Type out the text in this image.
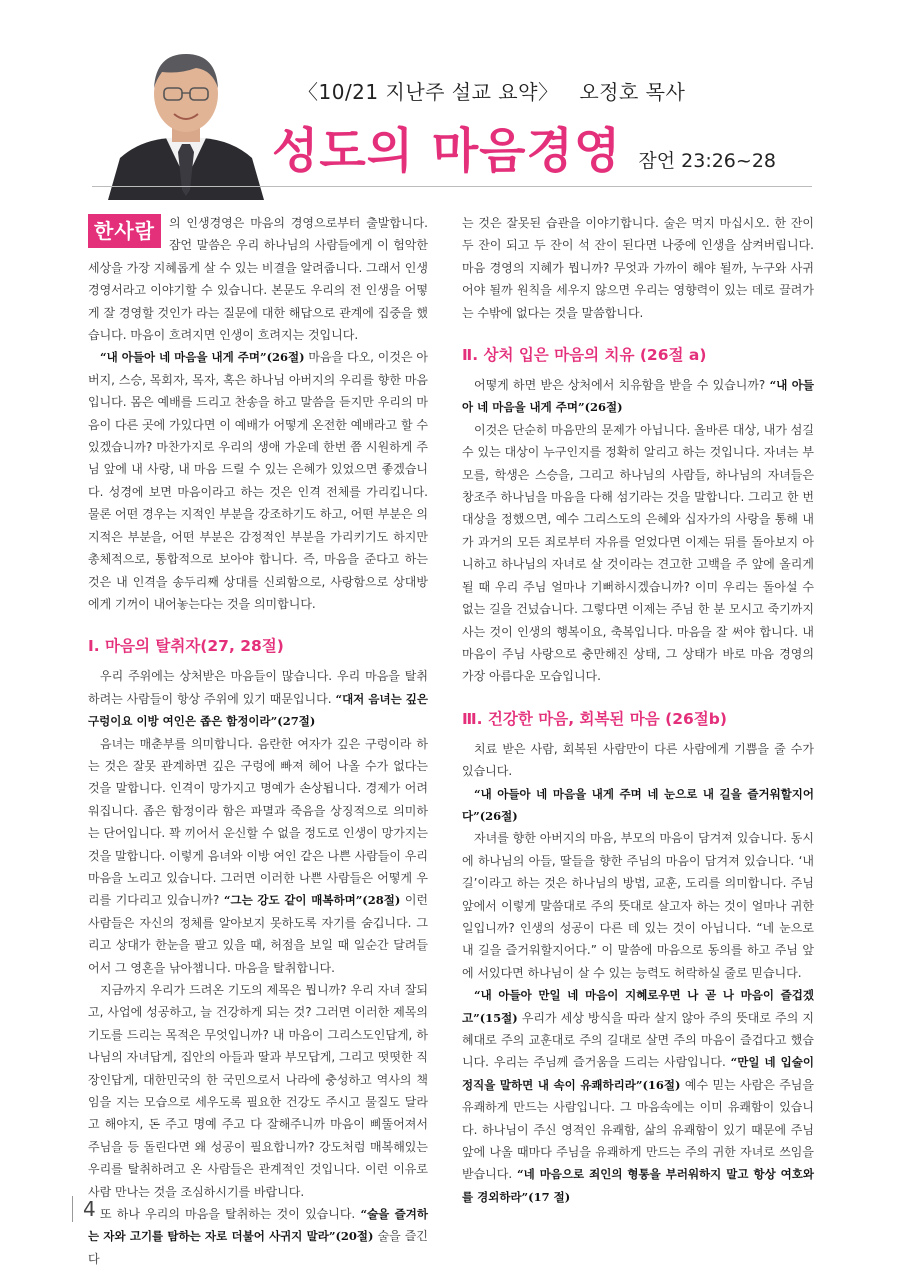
〈10/21 지난주 설교 요약〉 오정호 목사
성도의 마음경영 잠언 23:26~28

한사람	의 인생경영은 마음의 경영으로부터 출발합니다. 잠언 말씀은 우리 하나님의 사람들에게 이 험악한 세상을 가장 지혜롭게 살 수 있는 비결을 알려줍니다. 그래서 인생 경영서라고 이야기할 수 있습니다. 본문도 우리의 전 인생을 어떻게 잘 경영할 것인가 라는 질문에 대한 해답으로 관계에 집중을 했습니다. 마음이 흐려지면 인생이 흐려지는 것입니다.

“내 아들아 네 마음을 내게 주며”(26절) 마음을 다오, 이것은 아버지, 스승, 목회자, 목자, 혹은 하나님 아버지의 우리를 향한 마음입니다. 몸은 예배를 드리고 찬송을 하고 말씀을 듣지만 우리의 마음이 다른 곳에 가있다면 이 예배가 어떻게 온전한 예배라고 할 수 있겠습니까? 마찬가지로 우리의 생애 가운데 한번 쯤 시원하게 주님 앞에 내 사랑, 내 마음 드릴 수 있는 은혜가 있었으면 좋겠습니다. 성경에 보면 마음이라고 하는 것은 인격 전체를 가리킵니다. 물론 어떤 경우는 지적인 부분을 강조하기도 하고, 어떤 부분은 의지적은 부분을, 어떤 부분은 감정적인 부분을 가리키기도 하지만 총체적으로, 통합적으로 보아야 합니다. 즉, 마음을 준다고 하는 것은 내 인격을 송두리째 상대를 신뢰함으로, 사랑함으로 상대방에게 기꺼이 내어놓는다는 것을 의미합니다.

Ⅰ. 마음의 탈취자(27, 28절)

우리 주위에는 상처받은 마음들이 많습니다. 우리 마음을 탈취하려는 사람들이 항상 주위에 있기 때문입니다. “대저 음녀는 깊은 구렁이요 이방 여인은 좁은 함정이라”(27절)

음녀는 매춘부를 의미합니다. 음란한 여자가 깊은 구렁이라 하는 것은 잘못 관계하면 깊은 구렁에 빠져 헤어 나올 수가 없다는 것을 말합니다. 인격이 망가지고 명예가 손상됩니다. 경제가 어려워집니다. 좁은 함정이라 함은 파멸과 죽음을 상징적으로 의미하는 단어입니다. 꽉 끼어서 운신할 수 없을 정도로 인생이 망가지는 것을 말합니다. 이렇게 음녀와 이방 여인 같은 나쁜 사람들이 우리 마음을 노리고 있습니다. 그러면 이러한 나쁜 사람들은 어떻게 우리를 기다리고 있습니까? “그는 강도 같이 매복하며”(28절) 이런 사람들은 자신의 정체를 알아보지 못하도록 자기를 숨깁니다. 그리고 상대가 한눈을 팔고 있을 때, 허점을 보일 때 일순간 달려들어서 그 영혼을 낚아챕니다. 마음을 탈취합니다.

지금까지 우리가 드려온 기도의 제목은 뭡니까? 우리 자녀 잘되고, 사업에 성공하고, 늘 건강하게 되는 것? 그러면 이러한 제목의 기도를 드리는 목적은 무엇입니까? 내 마음이 그리스도인답게, 하나님의 자녀답게, 집안의 아들과 딸과 부모답게, 그리고 떳떳한 직장인답게, 대한민국의 한 국민으로서 나라에 충성하고 역사의 책임을 지는 모습으로 세우도록 필요한 건강도 주시고 물질도 달라고 해야지, 돈 주고 명예 주고 다 잘해주니까 마음이 삐뚤어져서 주님을 등 돌린다면 왜 성공이 필요합니까? 강도처럼 매복해있는 우리를 탈취하려고 온 사람들은 관계적인 것입니다. 이런 이유로 사람 만나는 것을 조심하시기를 바랍니다.

또 하나 우리의 마음을 탈취하는 것이 있습니다. “술을 즐겨하는 자와 고기를 탐하는 자로 더불어 사귀지 말라”(20절) 술을 즐긴다

는 것은 잘못된 습관을 이야기합니다. 술은 먹지 마십시오. 한 잔이 두 잔이 되고 두 잔이 석 잔이 된다면 나중에 인생을 삼켜버립니다. 마음 경영의 지혜가 뭡니까? 무엇과 가까이 해야 될까, 누구와 사귀어야 될까 원칙을 세우지 않으면 우리는 영향력이 있는 데로 끌려가는 수밖에 없다는 것을 말씀합니다.

Ⅱ. 상처 입은 마음의 치유 (26절 a)

어떻게 하면 받은 상처에서 치유함을 받을 수 있습니까? “내 아들아 네 마음을 내게 주며”(26절)

이것은 단순히 마음만의 문제가 아닙니다. 올바른 대상, 내가 섬길 수 있는 대상이 누구인지를 정확히 알리고 하는 것입니다. 자녀는 부모를, 학생은 스승을, 그리고 하나님의 사람들, 하나님의 자녀들은 창조주 하나님을 마음을 다해 섬기라는 것을 말합니다. 그리고 한 번 대상을 정했으면, 예수 그리스도의 은혜와 십자가의 사랑을 통해 내가 과거의 모든 죄로부터 자유를 얻었다면 이제는 뒤를 돌아보지 아니하고 하나님의 자녀로 살 것이라는 견고한 고백을 주 앞에 올리게 될 때 우리 주님 얼마나 기뻐하시겠습니까? 이미 우리는 돌아설 수 없는 길을 건넜습니다. 그렇다면 이제는 주님 한 분 모시고 죽기까지 사는 것이 인생의 행복이요, 축복입니다. 마음을 잘 써야 합니다. 내 마음이 주님 사랑으로 충만해진 상태, 그 상태가 바로 마음 경영의 가장 아름다운 모습입니다.

Ⅲ. 건강한 마음, 회복된 마음 (26절b)

치료 받은 사람, 회복된 사람만이 다른 사람에게 기쁨을 줄 수가 있습니다.

“내 아들아 네 마음을 내게 주며 네 눈으로 내 길을 즐거워할지어다”(26절)

자녀를 향한 아버지의 마음, 부모의 마음이 담겨져 있습니다. 동시에 하나님의 아들, 딸들을 향한 주님의 마음이 담겨져 있습니다. ‘내 길’이라고 하는 것은 하나님의 방법, 교훈, 도리를 의미합니다. 주님 앞에서 이렇게 말씀대로 주의 뜻대로 살고자 하는 것이 얼마나 귀한 일입니까? 인생의 성공이 다른 데 있는 것이 아닙니다. “네 눈으로 내 길을 즐거워할지어다.” 이 말씀에 마음으로 동의를 하고 주님 앞에 서있다면 하나님이 살 수 있는 능력도 허락하실 줄로 믿습니다.

“내 아들아 만일 네 마음이 지혜로우면 나 곧 나 마음이 즐겁겠고”(15절) 우리가 세상 방식을 따라 살지 않아 주의 뜻대로 주의 지혜대로 주의 교훈대로 주의 길대로 살면 주의 마음이 즐겁다고 했습니다. 우리는 주님께 즐거움을 드리는 사람입니다. “만일 네 입술이 정직을 말하면 내 속이 유쾌하리라”(16절) 예수 믿는 사람은 주님을 유쾌하게 만드는 사람입니다. 그 마음속에는 이미 유쾌함이 있습니다. 하나님이 주신 영적인 유쾌함, 삶의 유쾌함이 있기 때문에 주님 앞에 나올 때마다 주님을 유쾌하게 만드는 주의 귀한 자녀로 쓰임을 받습니다. “네 마음으로 죄인의 형통을 부러워하지 말고 항상 여호와를 경외하라”(17 절)

4
